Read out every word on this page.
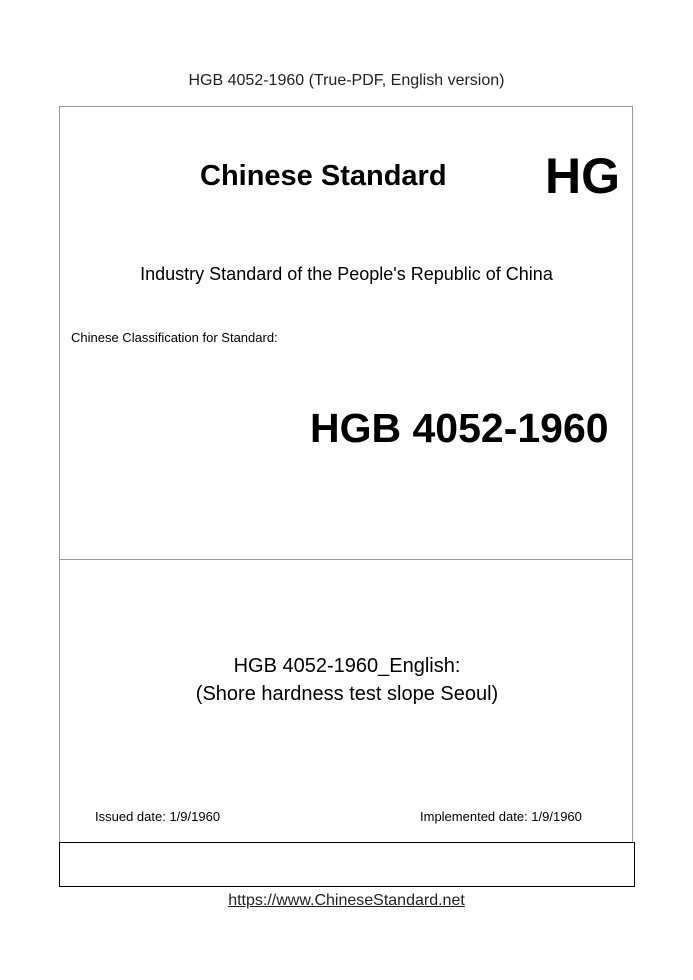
HGB 4052-1960 (True-PDF, English version)
Chinese Standard HG
Industry Standard of the People's Republic of China
Chinese Classification for Standard:
HGB 4052-1960
HGB 4052-1960_English:
(Shore hardness test slope Seoul)
Issued date: 1/9/1960	Implemented date: 1/9/1960
https://www.ChineseStandard.net
